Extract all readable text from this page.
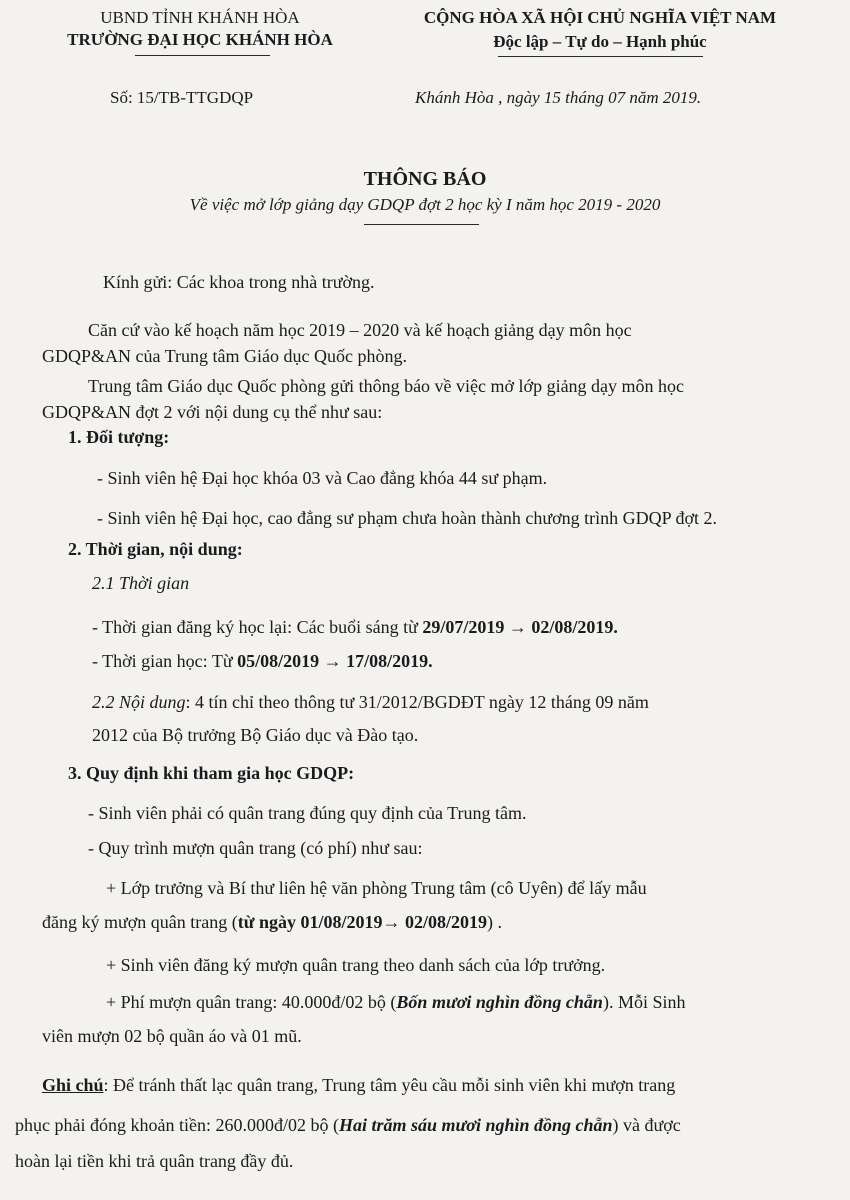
UBND TỈNH KHÁNH HÒA
TRƯỜNG ĐẠI HỌC KHÁNH HÒA
CỘNG HÒA XÃ HỘI CHỦ NGHĨA VIỆT NAM
Độc lập – Tự do – Hạnh phúc
Số: 15/TB-TTGDQP	Khánh Hòa , ngày 15 tháng 07 năm 2019.
THÔNG BÁO
Về việc mở lớp giảng dạy GDQP đợt 2 học kỳ I năm học 2019 - 2020
Kính gửi: Các khoa trong nhà trường.
Căn cứ vào kế hoạch năm học 2019 – 2020 và kế hoạch giảng dạy môn học
GDQP&AN của Trung tâm Giáo dục Quốc phòng.
Trung tâm Giáo dục Quốc phòng gửi thông báo về việc mở lớp giảng dạy môn học
GDQP&AN đợt 2 với nội dung cụ thể như sau:
1. Đối tượng:
- Sinh viên hệ Đại học khóa 03 và Cao đẳng khóa 44 sư phạm.
- Sinh viên hệ Đại học, cao đẳng sư phạm chưa hoàn thành chương trình GDQP đợt 2.
2. Thời gian, nội dung:
2.1 Thời gian
- Thời gian đăng ký học lại: Các buổi sáng từ 29/07/2019 → 02/08/2019.
- Thời gian học: Từ 05/08/2019 → 17/08/2019.
2.2 Nội dung: 4 tín chỉ theo thông tư 31/2012/BGDĐT ngày 12 tháng 09 năm
2012 của Bộ trưởng Bộ Giáo dục và Đào tạo.
3. Quy định khi tham gia học GDQP:
- Sinh viên phải có quân trang đúng quy định của Trung tâm.
- Quy trình mượn quân trang (có phí) như sau:
+ Lớp trưởng và Bí thư liên hệ văn phòng Trung tâm (cô Uyên) để lấy mẫu
đăng ký mượn quân trang (từ ngày 01/08/2019→ 02/08/2019) .
+ Sinh viên đăng ký mượn quân trang theo danh sách của lớp trưởng.
+ Phí mượn quân trang: 40.000đ/02 bộ (Bốn mươi nghìn đồng chẵn). Mỗi Sinh
viên mượn 02 bộ quần áo và 01 mũ.
Ghi chú: Để tránh thất lạc quân trang, Trung tâm yêu cầu mỗi sinh viên khi mượn trang
phục phải đóng khoản tiền: 260.000đ/02 bộ (Hai trăm sáu mươi nghìn đồng chẵn) và được
hoàn lại tiền khi trả quân trang đầy đủ.
